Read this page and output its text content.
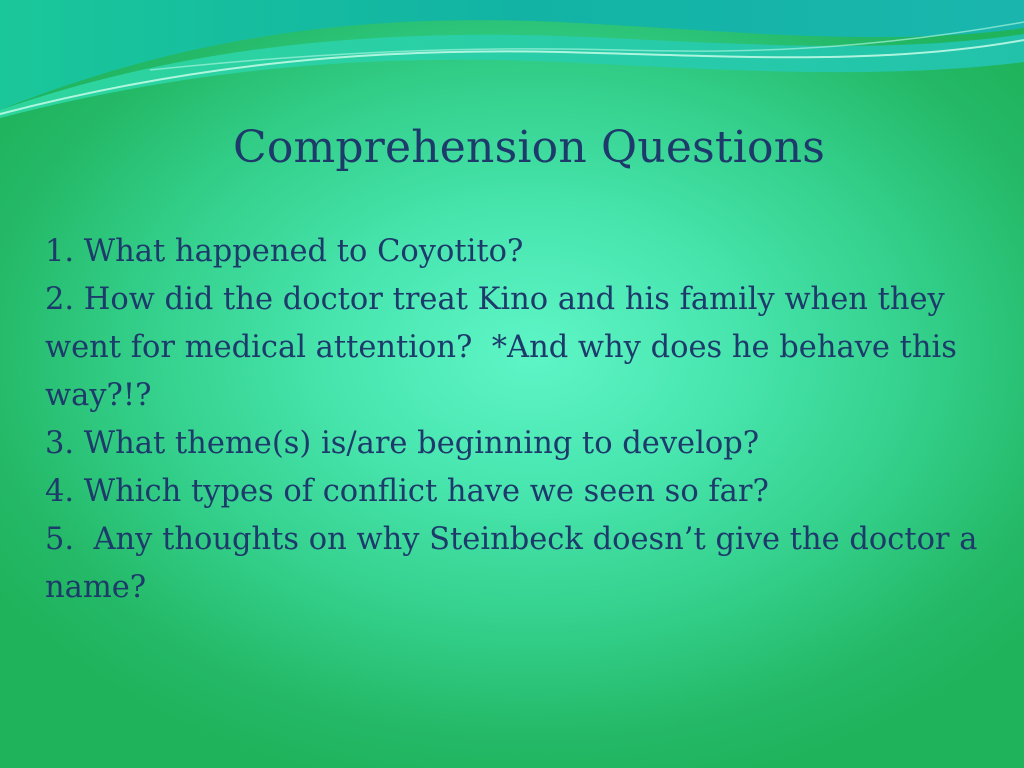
Comprehension Questions
1. What happened to Coyotito?
2. How did the doctor treat Kino and his family when they went for medical attention?  *And why does he behave this way?!?
3. What theme(s) is/are beginning to develop?
4. Which types of conflict have we seen so far?
5.  Any thoughts on why Steinbeck doesn’t give the doctor a name?
